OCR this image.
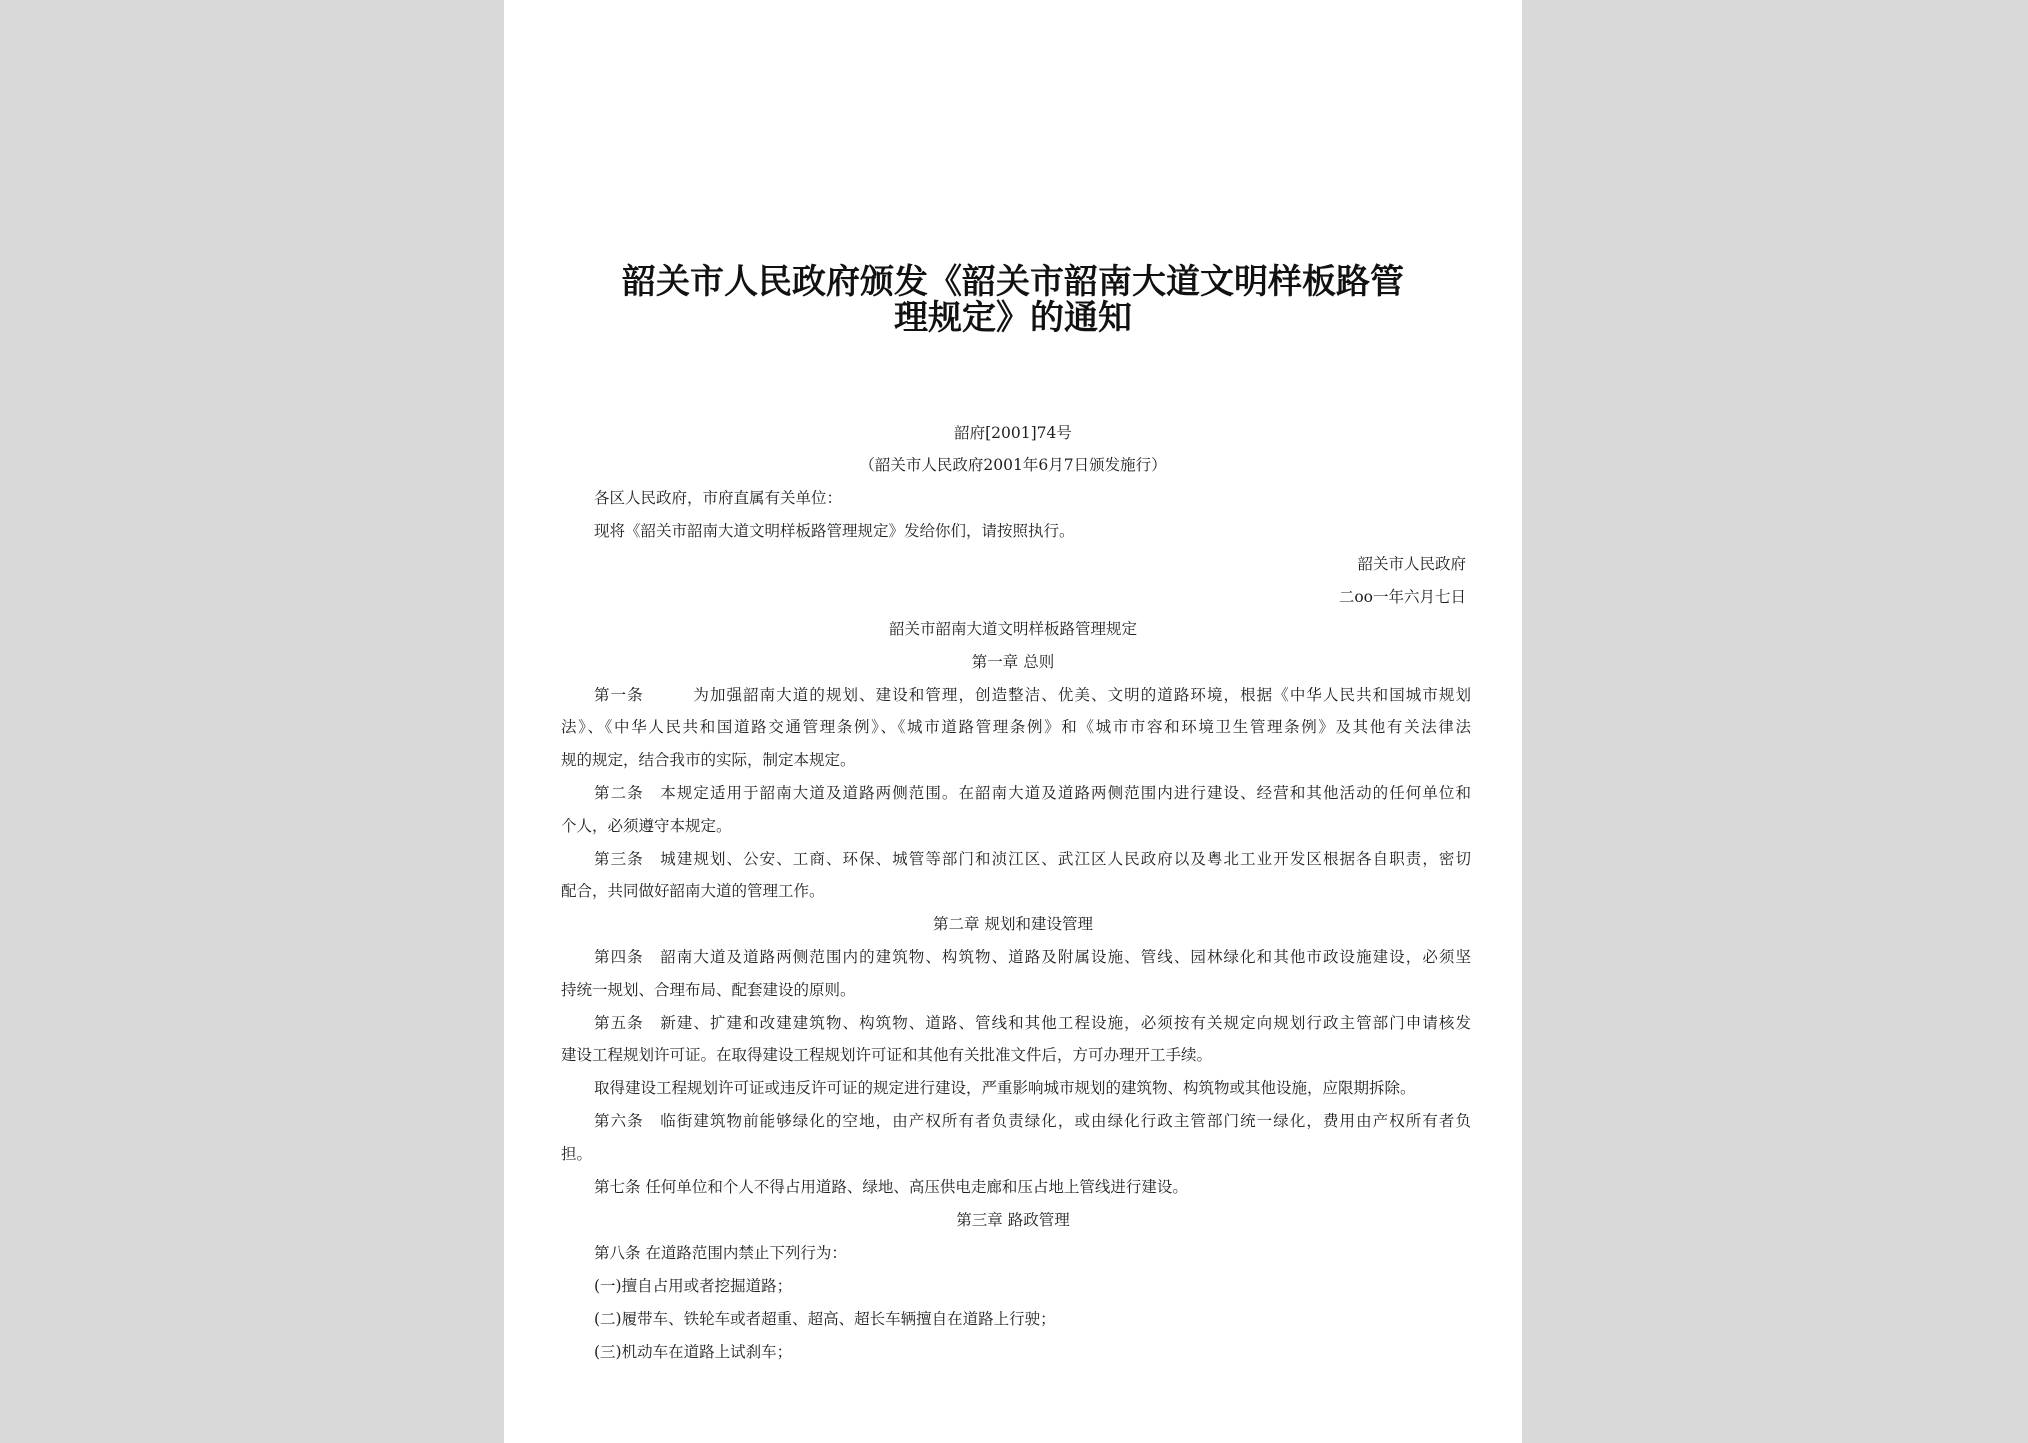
韶关市人民政府颁发《韶关市韶南大道文明样板路管
理规定》的通知
韶府[2001]74号
（韶关市人民政府2001年6月7日颁发施行）
各区人民政府，市府直属有关单位：
现将《韶关市韶南大道文明样板路管理规定》发给你们，请按照执行。
韶关市人民政府
二oo一年六月七日
韶关市韶南大道文明样板路管理规定
第一章 总则
第一条　　　为加强韶南大道的规划、建设和管理，创造整洁、优美、文明的道路环境，根据《中华人民共和国城市规划
法》、《中华人民共和国道路交通管理条例》、《城市道路管理条例》和《城市市容和环境卫生管理条例》及其他有关法律法
规的规定，结合我市的实际，制定本规定。
第二条　本规定适用于韶南大道及道路两侧范围。在韶南大道及道路两侧范围内进行建设、经营和其他活动的任何单位和
个人，必须遵守本规定。
第三条　城建规划、公安、工商、环保、城管等部门和浈江区、武江区人民政府以及粤北工业开发区根据各自职责，密切
配合，共同做好韶南大道的管理工作。
第二章 规划和建设管理
第四条　韶南大道及道路两侧范围内的建筑物、构筑物、道路及附属设施、管线、园林绿化和其他市政设施建设，必须坚
持统一规划、合理布局、配套建设的原则。
第五条　新建、扩建和改建建筑物、构筑物、道路、管线和其他工程设施，必须按有关规定向规划行政主管部门申请核发
建设工程规划许可证。在取得建设工程规划许可证和其他有关批准文件后，方可办理开工手续。
取得建设工程规划许可证或违反许可证的规定进行建设，严重影响城市规划的建筑物、构筑物或其他设施，应限期拆除。
第六条　临街建筑物前能够绿化的空地，由产权所有者负责绿化，或由绿化行政主管部门统一绿化，费用由产权所有者负
担。
第七条 任何单位和个人不得占用道路、绿地、高压供电走廊和压占地上管线进行建设。
第三章 路政管理
第八条 在道路范围内禁止下列行为：
(一)擅自占用或者挖掘道路；
(二)履带车、铁轮车或者超重、超高、超长车辆擅自在道路上行驶；
(三)机动车在道路上试刹车；
